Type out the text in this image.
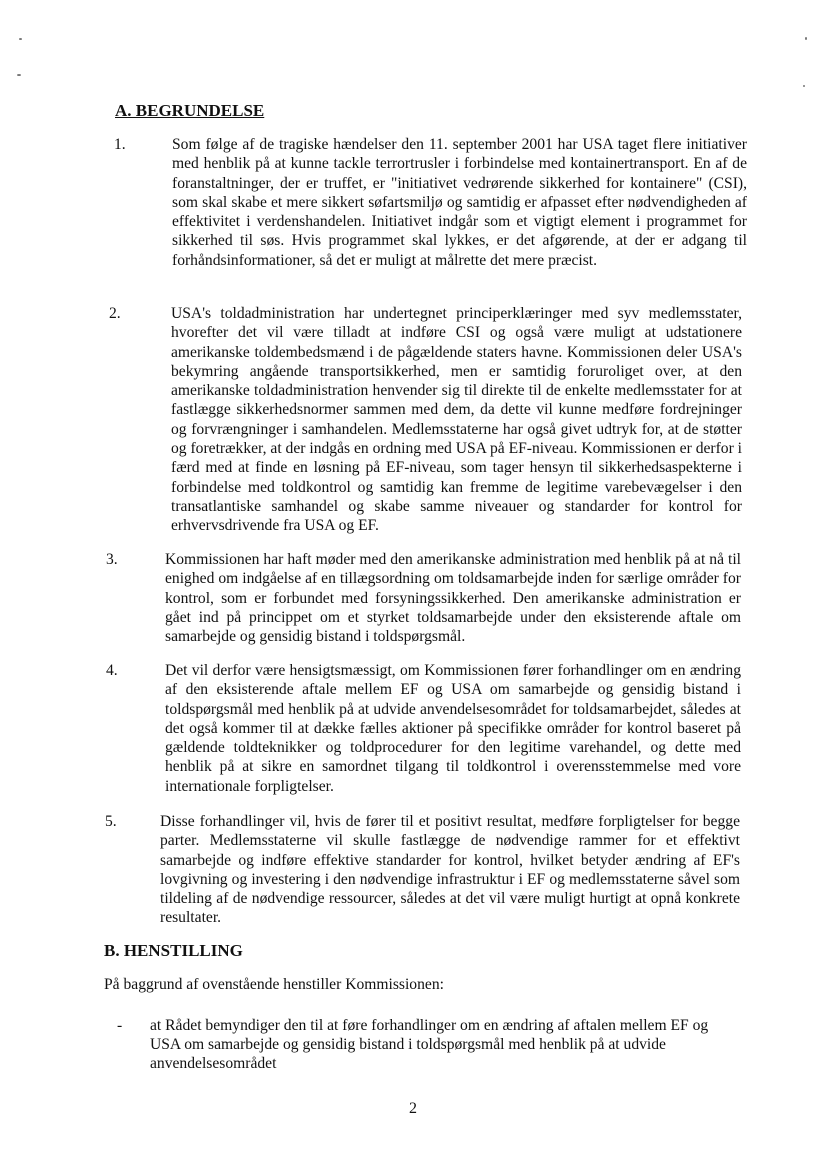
A. BEGRUNDELSE
1.	Som følge af de tragiske hændelser den 11. september 2001 har USA taget flere initiativer med henblik på at kunne tackle terrortrusler i forbindelse med kontainertransport. En af de foranstaltninger, der er truffet, er "initiativet vedrørende sikkerhed for kontainere" (CSI), som skal skabe et mere sikkert søfartsmiljø og samtidig er afpasset efter nødvendigheden af effektivitet i verdenshandelen. Initiativet indgår som et vigtigt element i programmet for sikkerhed til søs. Hvis programmet skal lykkes, er det afgørende, at der er adgang til forhåndsinformationer, så det er muligt at målrette det mere præcist.

2.	USA's toldadministration har undertegnet principerklæringer med syv medlemsstater, hvorefter det vil være tilladt at indføre CSI og også være muligt at udstationere amerikanske toldembedsmænd i de pågældende staters havne. Kommissionen deler USA's bekymring angående transportsikkerhed, men er samtidig foruroliget over, at den amerikanske toldadministration henvender sig til direkte til de enkelte medlemsstater for at fastlægge sikkerhedsnormer sammen med dem, da dette vil kunne medføre fordrejninger og forvrængninger i samhandelen. Medlemsstaterne har også givet udtryk for, at de støtter og foretrækker, at der indgås en ordning med USA på EF-niveau. Kommissionen er derfor i færd med at finde en løsning på EF-niveau, som tager hensyn til sikkerhedsaspekterne i forbindelse med toldkontrol og samtidig kan fremme de legitime varebevægelser i den transatlantiske samhandel og skabe samme niveauer og standarder for kontrol for erhvervsdrivende fra USA og EF.

3.	Kommissionen har haft møder med den amerikanske administration med henblik på at nå til enighed om indgåelse af en tillægsordning om toldsamarbejde inden for særlige områder for kontrol, som er forbundet med forsyningssikkerhed. Den amerikanske administration er gået ind på princippet om et styrket toldsamarbejde under den eksisterende aftale om samarbejde og gensidig bistand i toldspørgsmål.

4.	Det vil derfor være hensigtsmæssigt, om Kommissionen fører forhandlinger om en ændring af den eksisterende aftale mellem EF og USA om samarbejde og gensidig bistand i toldspørgsmål med henblik på at udvide anvendelsesområdet for toldsamarbejdet, således at det også kommer til at dække fælles aktioner på specifikke områder for kontrol baseret på gældende toldteknikker og toldprocedurer for den legitime varehandel, og dette med henblik på at sikre en samordnet tilgang til toldkontrol i overensstemmelse med vore internationale forpligtelser.

5.	Disse forhandlinger vil, hvis de fører til et positivt resultat, medføre forpligtelser for begge parter. Medlemsstaterne vil skulle fastlægge de nødvendige rammer for et effektivt samarbejde og indføre effektive standarder for kontrol, hvilket betyder ændring af EF's lovgivning og investering i den nødvendige infrastruktur i EF og medlemsstaterne såvel som tildeling af de nødvendige ressourcer, således at det vil være muligt hurtigt at opnå konkrete resultater.

B. HENSTILLING
På baggrund af ovenstående henstiller Kommissionen:
- at Rådet bemyndiger den til at føre forhandlinger om en ændring af aftalen mellem EF og USA om samarbejde og gensidig bistand i toldspørgsmål med henblik på at udvide anvendelsesområdet

2
